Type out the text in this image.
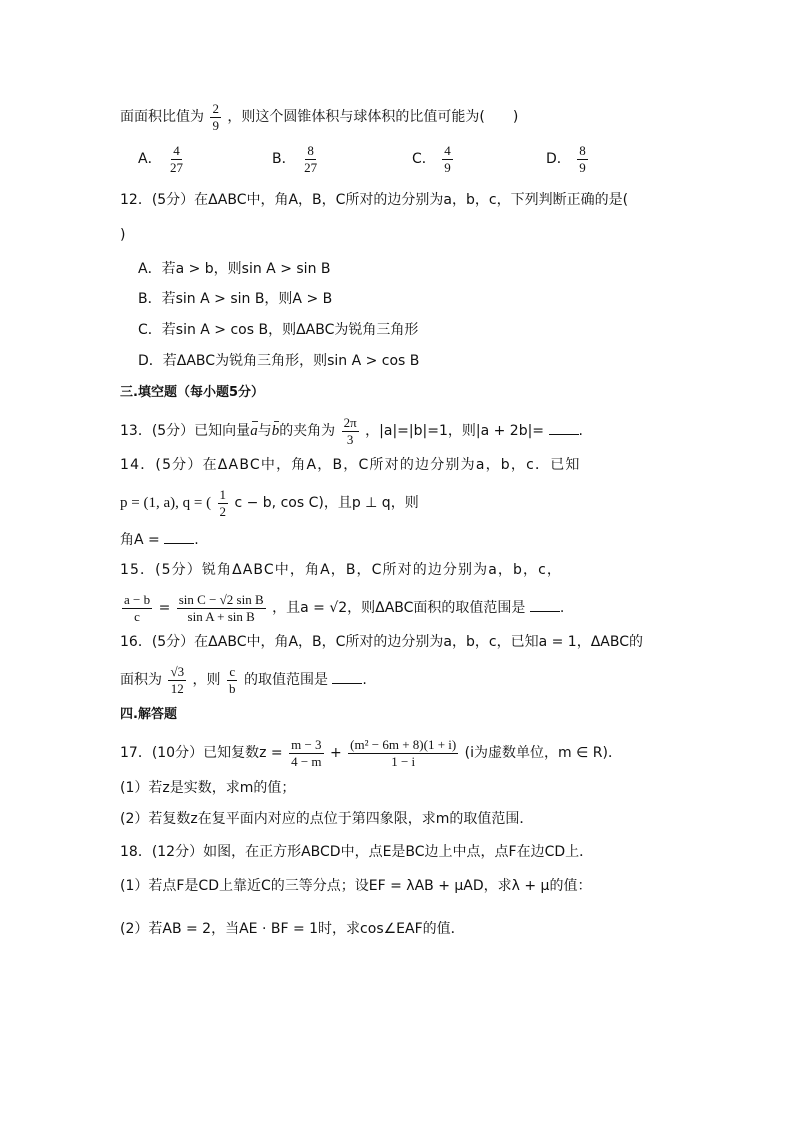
面面积比值为 $\frac{2}{9}$ ，则这个圆锥体积与球体积的比值可能为(　　)
A． $\frac{4}{27}$	B． $\frac{8}{27}$	C． $\frac{4}{9}$	D． $\frac{8}{9}$
12．(5分）在ΔABC中，角A，B，C所对的边分别为a，b，c，下列判断正确的是(
)
A．若a > b，则sin A > sin B
B．若sin A > sin B，则A > B
C．若sin A > cos B，则ΔABC为锐角三角形
D．若ΔABC为锐角三角形，则sin A > cos B
三.填空题（每小题5分）
13．(5分）已知向量a与b的夹角为 $\frac{2\pi}{3}$ ，|a|=|b|=1，则|a + 2b|= .
14．(5分）在ΔABC中，角A，B，C所对的边分别为a，b，c．已知
p = (1, a), q = ( $\frac{1}{2}$ c − b, cos C)，且p ⊥ q，则
角A = .
15．(5分）锐角ΔABC中，角A，B，C所对的边分别为a，b，c，
$\frac{a - b}{c} = \frac{\text{sin C − √2 sin B}}{\text{sin A + sin B}}$ ，且a = √2，则ΔABC面积的取值范围是 .
16．(5分）在ΔABC中，角A，B，C所对的边分别为a，b，c，已知a = 1，ΔABC的
面积为 $\frac{√3}{12}$ ，则 $\frac{c}{b}$ 的取值范围是 .
四.解答题
17．(10分）已知复数$z = \frac{m - 3}{4 - m} + \frac{\text{(m² − 6m + 8)(1 + i)}}{1 - i} (i$为虚数单位，m ∈ R)．
(1）若z是实数，求m的值；
(2）若复数z在复平面内对应的点位于第四象限，求m的取值范围．
18．(12分）如图，在正方形ABCD中，点E是BC边上中点，点F在边CD上．
(1）若点F是CD上靠近C的三等分点；设EF = λAB + μAD，求λ + μ的值：
(2）若AB = 2，当AE · BF = 1时，求cos∠EAF的值．
